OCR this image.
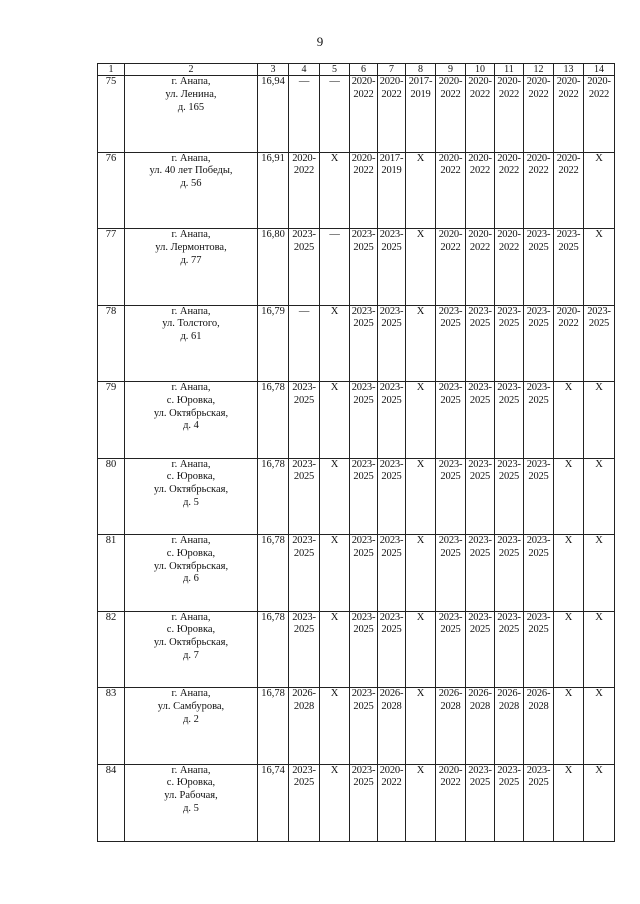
9
1	2	3	4	5	6	7	8	9	10	11	12	13	14
75	г. Анапа,
ул. Ленина,
д. 165	16,94	—	—	2020-
2022	2020-
2022	2017-
2019	2020-
2022	2020-
2022	2020-
2022	2020-
2022	2020-
2022	2020-
2022

76	г. Анапа,
ул. 40 лет Победы,
д. 56	16,91	2020-
2022	Х	2020-
2022	2017-
2019	Х	2020-
2022	2020-
2022	2020-
2022	2020-
2022	2020-
2022	Х

77	г. Анапа,
ул. Лермонтова,
д. 77	16,80	2023-
2025	—	2023-
2025	2023-
2025	Х	2020-
2022	2020-
2022	2020-
2022	2023-
2025	2023-
2025	Х

78	г. Анапа,
ул. Толстого,
д. 61	16,79	—	Х	2023-
2025	2023-
2025	Х	2023-
2025	2023-
2025	2023-
2025	2023-
2025	2020-
2022	2023-
2025

79	г. Анапа,
с. Юровка,
ул. Октябрьская,
д. 4	16,78	2023-
2025	Х	2023-
2025	2023-
2025	Х	2023-
2025	2023-
2025	2023-
2025	2023-
2025	Х	Х

80	г. Анапа,
с. Юровка,
ул. Октябрьская,
д. 5	16,78	2023-
2025	Х	2023-
2025	2023-
2025	Х	2023-
2025	2023-
2025	2023-
2025	2023-
2025	Х	Х

81	г. Анапа,
с. Юровка,
ул. Октябрьская,
д. 6	16,78	2023-
2025	Х	2023-
2025	2023-
2025	Х	2023-
2025	2023-
2025	2023-
2025	2023-
2025	Х	Х

82	г. Анапа,
с. Юровка,
ул. Октябрьская,
д. 7	16,78	2023-
2025	Х	2023-
2025	2023-
2025	Х	2023-
2025	2023-
2025	2023-
2025	2023-
2025	Х	Х

83	г. Анапа,
ул. Самбурова,
д. 2	16,78	2026-
2028	Х	2023-
2025	2026-
2028	Х	2026-
2028	2026-
2028	2026-
2028	2026-
2028	Х	Х

84	г. Анапа,
с. Юровка,
ул. Рабочая,
д. 5	16,74	2023-
2025	Х	2023-
2025	2020-
2022	Х	2020-
2022	2023-
2025	2023-
2025	2023-
2025	Х	Х
